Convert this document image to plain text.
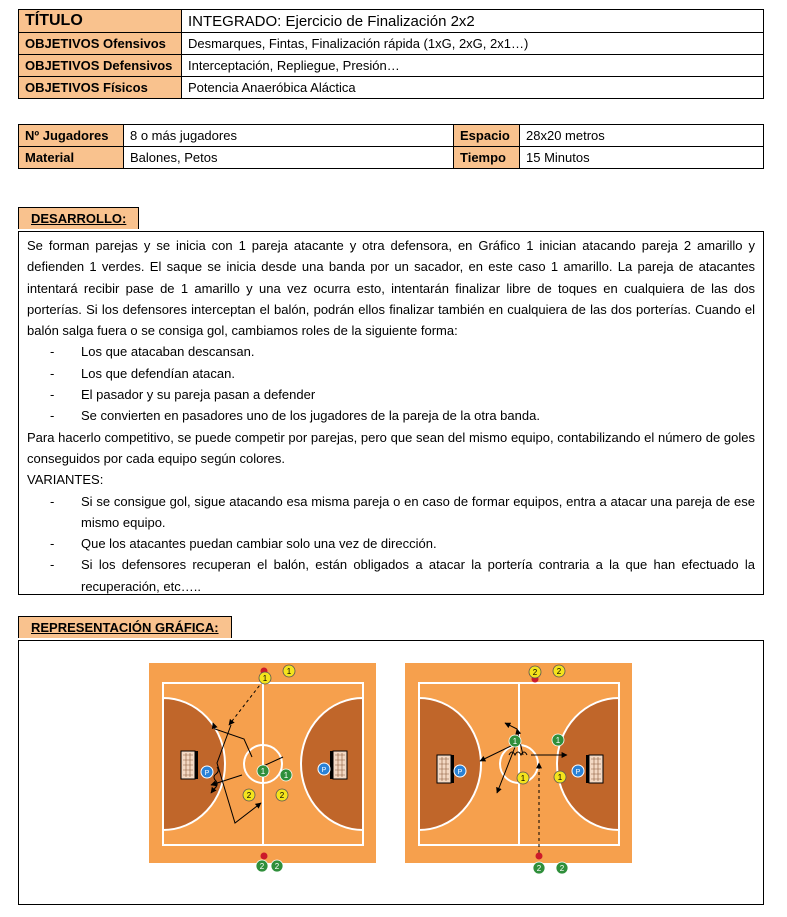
TÍTULO	INTEGRADO: Ejercicio de Finalización 2x2
OBJETIVOS Ofensivos	Desmarques, Fintas, Finalización rápida (1xG, 2xG, 2x1…)
OBJETIVOS Defensivos	Interceptación, Repliegue, Presión…
OBJETIVOS Físicos	Potencia Anaeróbica Aláctica
Nº Jugadores	8 o más jugadores	Espacio	28x20 metros
Material	Balones, Petos	Tiempo	15 Minutos
DESARROLLO:

Se forman parejas y se inicia con 1 pareja atacante y otra defensora, en Gráfico 1 inician atacando pareja 2 amarillo y defienden 1 verdes. El saque se inicia desde una banda por un sacador, en este caso 1 amarillo. La pareja de atacantes intentará recibir pase de 1 amarillo y una vez ocurra esto, intentarán finalizar libre de toques en cualquiera de las dos porterías. Si los defensores interceptan el balón, podrán ellos finalizar también en cualquiera de las dos porterías. Cuando el balón salga fuera o se consiga gol, cambiamos roles de la siguiente forma:

- Los que atacaban descansan.
- Los que defendían atacan.
- El pasador y su pareja pasan a defender
- Se convierten en pasadores uno de los jugadores de la pareja de la otra banda.

Para hacerlo competitivo, se puede competir por parejas, pero que sean del mismo equipo, contabilizando el número de goles conseguidos por cada equipo según colores.

VARIANTES:

- Si se consigue gol, sigue atacando esa misma pareja o en caso de formar equipos, entra a atacar una pareja de ese mismo equipo.
- Que los atacantes puedan cambiar solo una vez de dirección.
- Si los defensores recuperan el balón, están obligados a atacar la portería contraria a la que han efectuado la recuperación, etc…..
REPRESENTACIÓN GRÁFICA:
P	P
1
1
1 1
2	2
2 2
P	P
2 2
1	1
1	1
2 2
